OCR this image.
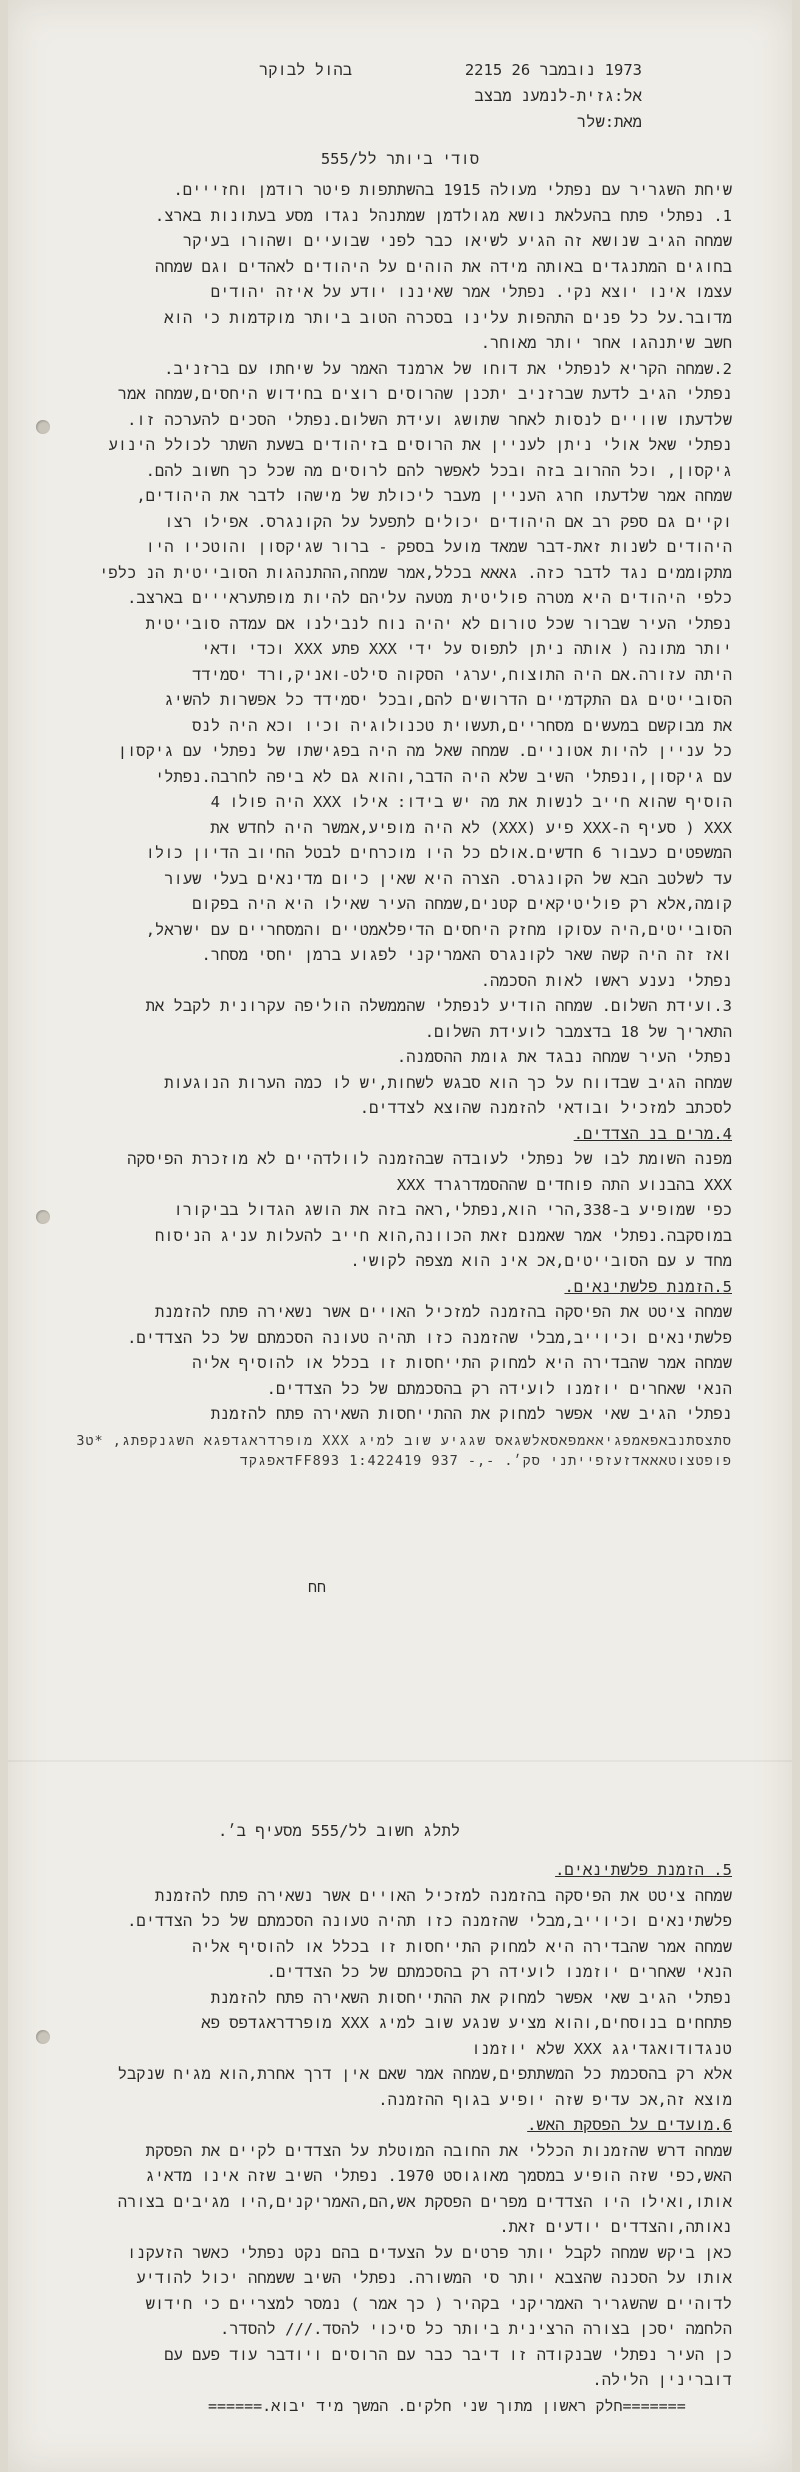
בהול לבוקר	1973 נובמבר 26 2215
אל:גזית-לנמענ מבצב
מאת:שלר
סודי ביותר לל/555
שיחת השגריר עם נפתלי מעולה 1915 בהשתתפות פיטר רודמן וחזייים.
1. נפתלי פתח בהעלאת נושא מגולדמן שמתנהל נגדו מסע בעתונות בארצ.
שמחה הגיב שנושא זה הגיע לשיאו כבר לפני שבועיים ושהורו בעיקר
בחוגים המתנגדים באותה מידה את הוהים על היהודים לאהדים וגם שמחה
עצמו אינו יוצא נקי. נפתלי אמר שאיננו יודע על איזה יהודים
מדובר.על כל פנים התהפות עלינו בסכרה הטוב ביותר מוקדמות כי הוא
חשב שיתנהגו אחר יותר מאוחר.
2.שמחה הקריא לנפתלי את דוחו של ארמנד האמר על שיחתו עם ברזניב.
נפתלי הגיב לדעת שברזניב יתכנן שהרוסים רוצים בחידוש היחסים,שמחה אמר
שלדעתו שוויים לנסות לאחר שתושג ועידת השלום.נפתלי הסכים להערכה זו.
נפתלי שאל אולי ניתן לעניין את הרוסים בזיהודים בשעת השתר לכולל הינוע
גיקסון, וכל ההרוב בזה ובכל לאפשר להם לרוסים מה שכל כך חשוב להם.
שמחה אמר שלדעתו חרג העניין מעבר ליכולת של מישהו לדבר את היהודים,
וקיים גם ספק רב אם היהודים יכולים לתפעל על הקונגרס. אפילו רצו
היהודים לשנות זאת-דבר שמאד מועל בספק - ברור שגיקסון והוטכיו היו
מתקוממים נגד לדבר כזה. גאאא בכלל,אמר שמחה,ההתנהגות הסובייטית הנ כלפי
כלפי היהודים היא מטרה פוליטית מטעה עליהם להיות מופתעראייים בארצב.
נפתלי העיר שברור שכל טורום לא יהיה נוח לנבילנו אם עמדה סובייטית
יותר מתונה ( אותה ניתן לתפוס על ידי XXX פתע XXX וכדי ודאי
היתה עזורה.אם היה התוצוח,יערגי הסקוה סילט-ואניק,ורד יסמידד
הסובייטים גם התקדמיים הדרושים להם,ובכל יסמידד כל אפשרות להשיג
את מבוקשם במעשים מסחריים,תעשוית טכנולוגיה וכיו וכא היה לנס
כל עניין להיות אטוניים. שמחה שאל מה היה בפגישתו של נפתלי עם גיקסון
עם גיקסון,ונפתלי השיב שלא היה הדבר,והוא גם לא ביפה לחרבה.נפתלי
הוסיף שהוא חייב לנשות את מה יש בידו: אילו XXX היה פולו 4
XXX ( סעיף ה-XXX פיע (XXX) לא היה מופיע,אמשר היה לחדש את
המשפטים כעבור 6 חדשים.אולם כל היו מוכרחים לבטל החיוב הדיון כולו
עד לשלטב הבא של הקונגרס. הצרה היא שאין כיום מדינאים בעלי שעור
קומה,אלא רק פוליטיקאים קטנים,שמחה העיר שאילו היא היה בפקום
הסובייטים,היה עסוקו מחזק היחסים הדיפלאמטיים והמסחריים עם ישראל,
ואז זה היה קשה שאר לקונגרס האמריקני לפגוע ברמן יחסי מסחר.
נפתלי נענע ראשו לאות הסכמה.
3.ועידת השלום. שמחה הודיע לנפתלי שהממשלה הוליפה עקרונית לקבל את
התאריך של 18 בדצמבר לועידת השלום.
נפתלי העיר שמחה נבגד את גומת ההסמנה.
שמחה הגיב שבדווח על כך הוא סבגש לשחות,יש לו כמה הערות הנוגעות
לסכתב למזכיל ובודאי להזמנה שהוצא לצדדים.
4.מרים בנ הצדדים.
מפנה השומת לבו של נפתלי לעובדה שבהזמנה לוולדהיים לא מוזכרת הפיסקה
XXX בהבנוע התה פוחדים שההסמדרגרד XXX
כפי שמופיע ב-338,הרי הוא,נפתלי,ראה בזה את הושג הגדול בביקורו
במוסקבה.נפתלי אמר שאמנם זאת הכוונה,הוא חייב להעלות עניג הניסוח
מחד ע עם הסובייטים,אכ אינ הוא מצפה לקושי.
5.הזמנת פלשתינאים.
שמחה ציטט את הפיסקה בהזמנה למזכיל האויים אשר נשאירה פתח להזמנת
פלשתינאים וכיוייב,מבלי שהזמנה כזו תהיה טעונה הסכמתם של כל הצדדים.
שמחה אמר שהבדירה היא למחוק התייחסות זו בכלל או להוסיף אליה
הנאי שאחרים יוזמנו לועידה רק בהסכמתם של כל הצדדים.
נפתלי הגיב שאי אפשר למחוק את ההתייחסות השאירה פתח להזמנת
סתצסתנבאפאמפגיאאמפאסאלשגאס שגגיע שוב למיג XXX מופרדראגדפגא השגנקפתג, *ט3
פופטצוטאאאדזעזפייתני סק׳. -,- 937 1:422419 FF893דאפגקד
חח
לתלג חשוב לל/555 מסעיף ב׳.
5. הזמנת פלשתינאים.
שמחה ציטט את הפיסקה בהזמנה למזכיל האויים אשר נשאירה פתח להזמנת
פלשתינאים וכיוייב,מבלי שהזמנה כזו תהיה טעונה הסכמתם של כל הצדדים.
שמחה אמר שהבדירה היא למחוק התייחסות זו בכלל או להוסיף אליה
הנאי שאחרים יוזמנו לועידה רק בהסכמתם של כל הצדדים.
נפתלי הגיב שאי אפשר למחוק את ההתייחסות השאירה פתח להזמנת
פתחחים בנוסחים,והוא מציע שנגע שוב למיג XXX מופרדראגדפס פא
טנגדודואגדיגג XXX שלא יוזמנו
אלא רק בהסכמת כל המשתתפים,שמחה אמר שאם אין דרך אחרת,הוא מגיח שנקבל
מוצא זה,אכ עדיפ שזה יופיע בגוף ההזמנה.
6.מועדים על הפסקת האש.
שמחה דרש שהזמנות הכללי את החובה המוטלת על הצדדים לקיים את הפסקת
האש,כפי שזה הופיע במסמך מאוגוסט 1970. נפתלי השיב שזה אינו מדאיג
אותו,ואילו היו הצדדים מפרים הפסקת אש,הם,האמריקנים,היו מגיבים בצורה
נאותה,והצדדים יודעים זאת.
כאן ביקש שמחה לקבל יותר פרטים על הצעדים בהם נקט נפתלי כאשר הזעקנו
אותו על הסכנה שהצבא יותר סי המשורה. נפתלי השיב ששמחה יכול להודיע
לדוהיים שהשגריר האמריקני בקהיר ( כך אמר ) נמסר למצריים כי חידוש
הלחמה יסכן בצורה הרצינית ביותר כל סיכוי להסד./// להסדר.
כן העיר נפתלי שבנקודה זו דיבר כבר עם הרוסים ויודבר עוד פעם עם
דוברינין הלילה.
=======חלק ראשון מתוך שני חלקים. המשך מיד יבוא.======
